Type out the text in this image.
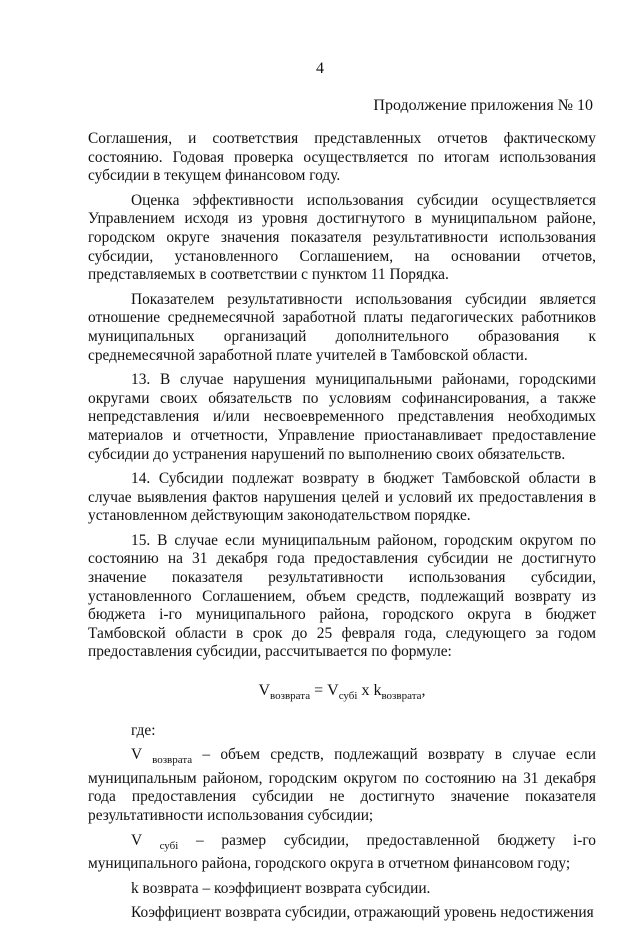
4
Продолжение приложения № 10

Соглашения, и соответствия представленных отчетов фактическому состоянию. Годовая проверка осуществляется по итогам использования субсидии в текущем финансовом году.

Оценка эффективности использования субсидии осуществляется Управлением исходя из уровня достигнутого в муниципальном районе, городском округе значения показателя результативности использования субсидии, установленного Соглашением, на основании отчетов, представляемых в соответствии с пунктом 11 Порядка.

Показателем результативности использования субсидии является отношение среднемесячной заработной платы педагогических работников муниципальных организаций дополнительного образования к среднемесячной заработной плате учителей в Тамбовской области.

13. В случае нарушения муниципальными районами, городскими округами своих обязательств по условиям софинансирования, а также непредставления и/или несвоевременного представления необходимых материалов и отчетности, Управление приостанавливает предоставление субсидии до устранения нарушений по выполнению своих обязательств.

14. Субсидии подлежат возврату в бюджет Тамбовской области в случае выявления фактов нарушения целей и условий их предоставления в установленном действующим законодательством порядке.

15. В случае если муниципальным районом, городским округом по состоянию на 31 декабря года предоставления субсидии не достигнуто значение показателя результативности использования субсидии, установленного Соглашением, объем средств, подлежащий возврату из бюджета i-го муниципального района, городского округа в бюджет Тамбовской области в срок до 25 февраля года, следующего за годом предоставления субсидии, рассчитывается по формуле:

$V_{возврата} = V_{субi}$ x $k_{возврата}$,

где:

V $_{возврата}$ – объем средств, подлежащий возврату в случае если муниципальным районом, городским округом по состоянию на 31 декабря года предоставления субсидии не достигнуто значение показателя результативности использования субсидии;

V $_{субi}$ – размер субсидии, предоставленной бюджету i-го муниципального района, городского округа в отчетном финансовом году;

k возврата – коэффициент возврата субсидии.

Коэффициент возврата субсидии, отражающий уровень недостижения
